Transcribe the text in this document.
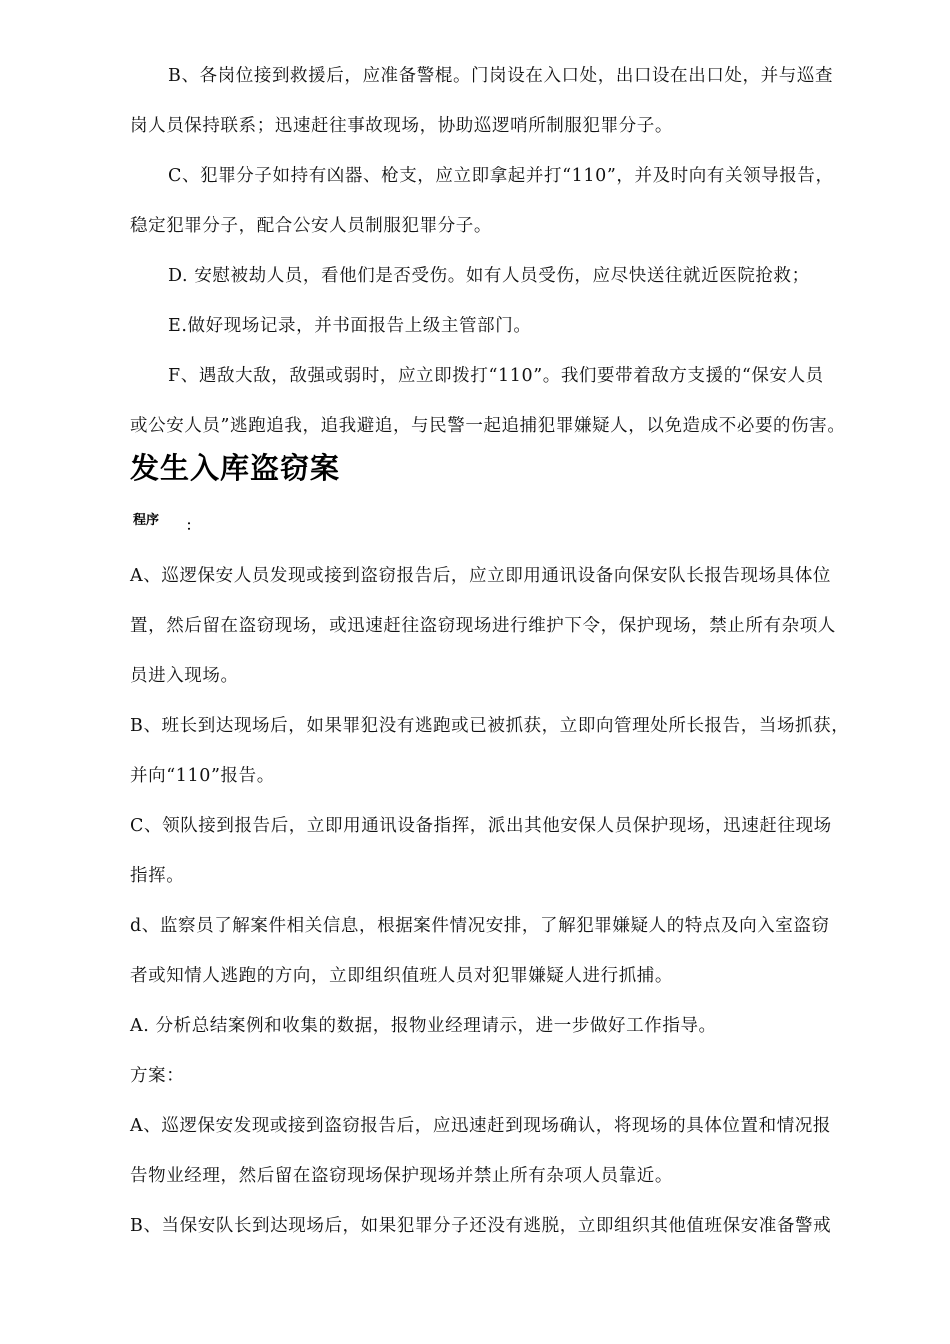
B、各岗位接到救援后，应准备警棍。门岗设在入口处，出口设在出口处，并与巡查
岗人员保持联系；迅速赶往事故现场，协助巡逻哨所制服犯罪分子。
C、犯罪分子如持有凶器、枪支，应立即拿起并打“110”，并及时向有关领导报告，
稳定犯罪分子，配合公安人员制服犯罪分子。
D. 安慰被劫人员，看他们是否受伤。如有人员受伤，应尽快送往就近医院抢救；
E.做好现场记录，并书面报告上级主管部门。
F、遇敌大敌，敌强或弱时，应立即拨打“110”。我们要带着敌方支援的“保安人员
或公安人员”逃跑追我，追我避追，与民警一起追捕犯罪嫌疑人，以免造成不必要的伤害。
发生入库盗窃案
程序 ：
A、巡逻保安人员发现或接到盗窃报告后，应立即用通讯设备向保安队长报告现场具体位
置，然后留在盗窃现场，或迅速赶往盗窃现场进行维护下令，保护现场，禁止所有杂项人
员进入现场。
B、班长到达现场后，如果罪犯没有逃跑或已被抓获，立即向管理处所长报告，当场抓获，
并向“110”报告。
C、领队接到报告后，立即用通讯设备指挥，派出其他安保人员保护现场，迅速赶往现场
指挥。
d、监察员了解案件相关信息，根据案件情况安排，了解犯罪嫌疑人的特点及向入室盗窃
者或知情人逃跑的方向，立即组织值班人员对犯罪嫌疑人进行抓捕。
A. 分析总结案例和收集的数据，报物业经理请示，进一步做好工作指导。
方案：
A、巡逻保安发现或接到盗窃报告后，应迅速赶到现场确认，将现场的具体位置和情况报
告物业经理，然后留在盗窃现场保护现场并禁止所有杂项人员靠近。
B、当保安队长到达现场后，如果犯罪分子还没有逃脱，立即组织其他值班保安准备警戒
